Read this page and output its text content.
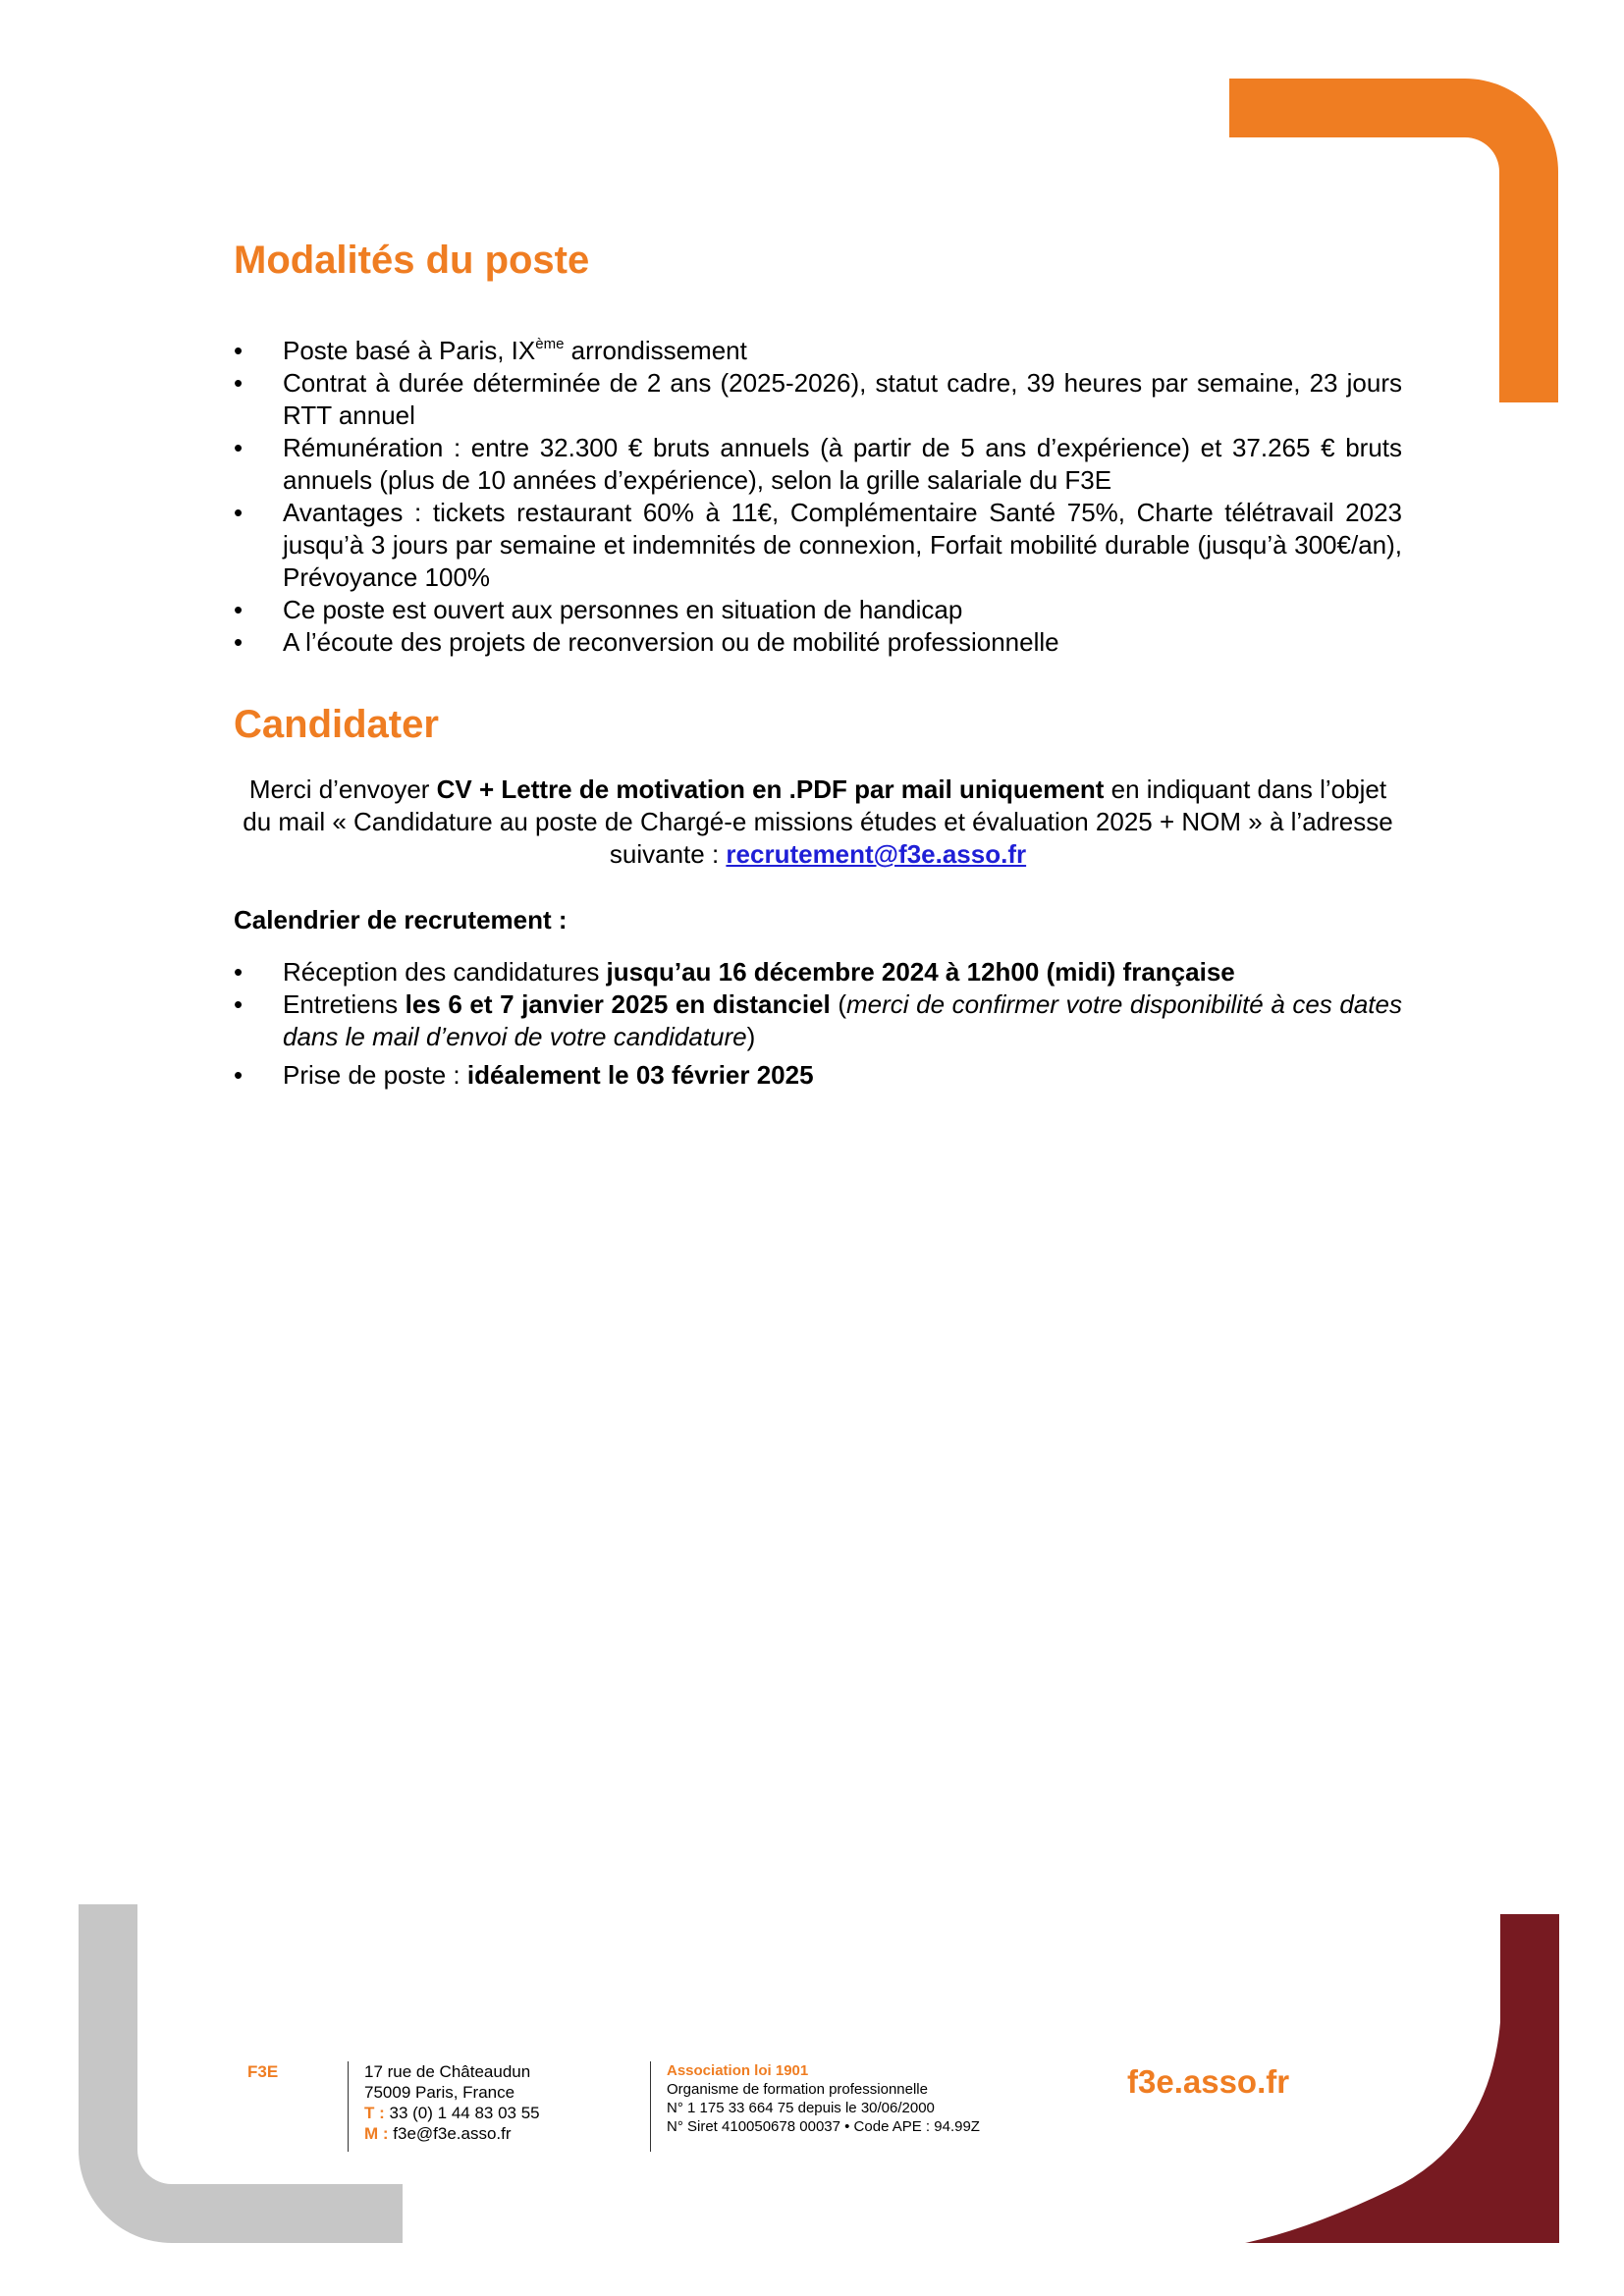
Modalités du poste
• Poste basé à Paris, IXème arrondissement
• Contrat à durée déterminée de 2 ans (2025-2026), statut cadre, 39 heures par semaine, 23 jours RTT annuel
• Rémunération : entre 32.300 € bruts annuels (à partir de 5 ans d’expérience) et 37.265 € bruts annuels (plus de 10 années d’expérience), selon la grille salariale du F3E
• Avantages : tickets restaurant 60% à 11€, Complémentaire Santé 75%, Charte télétravail 2023 jusqu’à 3 jours par semaine et indemnités de connexion, Forfait mobilité durable (jusqu’à 300€/an), Prévoyance 100%
• Ce poste est ouvert aux personnes en situation de handicap
• A l’écoute des projets de reconversion ou de mobilité professionnelle
Candidater

Merci d’envoyer CV + Lettre de motivation en .PDF par mail uniquement en indiquant dans l’objet du mail « Candidature au poste de Chargé-e missions études et évaluation 2025 + NOM » à l’adresse suivante : recrutement@f3e.asso.fr

Calendrier de recrutement :

• Réception des candidatures jusqu’au 16 décembre 2024 à 12h00 (midi) française
• Entretiens les 6 et 7 janvier 2025 en distanciel (merci de confirmer votre disponibilité à ces dates dans le mail d’envoi de votre candidature)
• Prise de poste : idéalement le 03 février 2025
F3E	17 rue de Châteaudun
75009 Paris, France
T : 33 (0) 1 44 83 03 55
M : f3e@f3e.asso.fr
Association loi 1901
Organisme de formation professionnelle
N° 1 175 33 664 75 depuis le 30/06/2000
N° Siret 410050678 00037 • Code APE : 94.99Z
f3e.asso.fr
